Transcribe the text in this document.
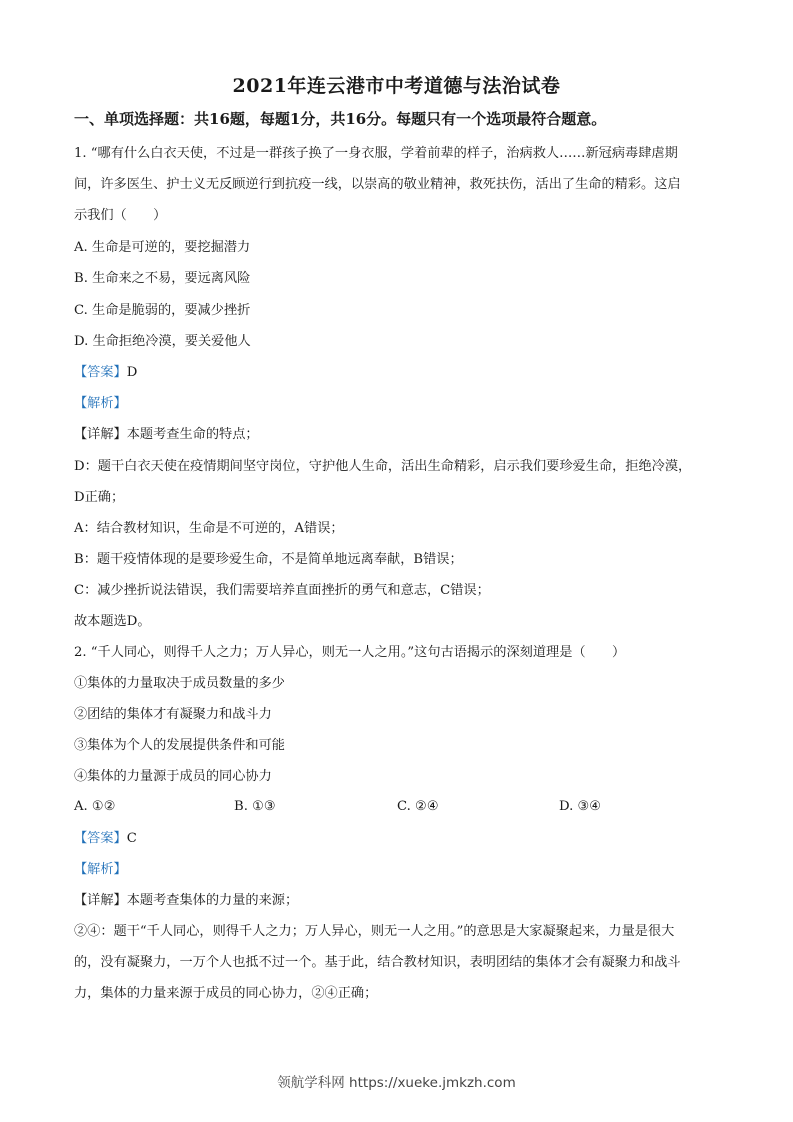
2021年连云港市中考道德与法治试卷
一、单项选择题：共16题，每题1分，共16分。每题只有一个选项最符合题意。
1. “哪有什么白衣天使，不过是一群孩子换了一身衣服，学着前辈的样子，治病救人……新冠病毒肆虐期
间，许多医生、护士义无反顾逆行到抗疫一线，以崇高的敬业精神，救死扶伤，活出了生命的精彩。这启
示我们（　　）
A. 生命是可逆的，要挖掘潜力
B. 生命来之不易，要远离风险
C. 生命是脆弱的，要减少挫折
D. 生命拒绝冷漠，要关爱他人
【答案】D
【解析】
【详解】本题考查生命的特点；
D：题干白衣天使在疫情期间坚守岗位，守护他人生命，活出生命精彩，启示我们要珍爱生命，拒绝冷漠，
D正确；
A：结合教材知识，生命是不可逆的，A错误；
B：题干疫情体现的是要珍爱生命，不是简单地远离奉献，B错误；
C：减少挫折说法错误，我们需要培养直面挫折的勇气和意志，C错误；
故本题选D。
2. “千人同心，则得千人之力；万人异心，则无一人之用。”这句古语揭示的深刻道理是（　　）
①集体的力量取决于成员数量的多少
②团结的集体才有凝聚力和战斗力
③集体为个人的发展提供条件和可能
④集体的力量源于成员的同心协力
A. ①②	B. ①③	C. ②④	D. ③④
【答案】C
【解析】
【详解】本题考查集体的力量的来源；
②④：题干“千人同心，则得千人之力；万人异心，则无一人之用。”的意思是大家凝聚起来，力量是很大
的，没有凝聚力，一万个人也抵不过一个。基于此，结合教材知识，表明团结的集体才会有凝聚力和战斗
力，集体的力量来源于成员的同心协力，②④正确；
领航学科网 https://xueke.jmkzh.com
